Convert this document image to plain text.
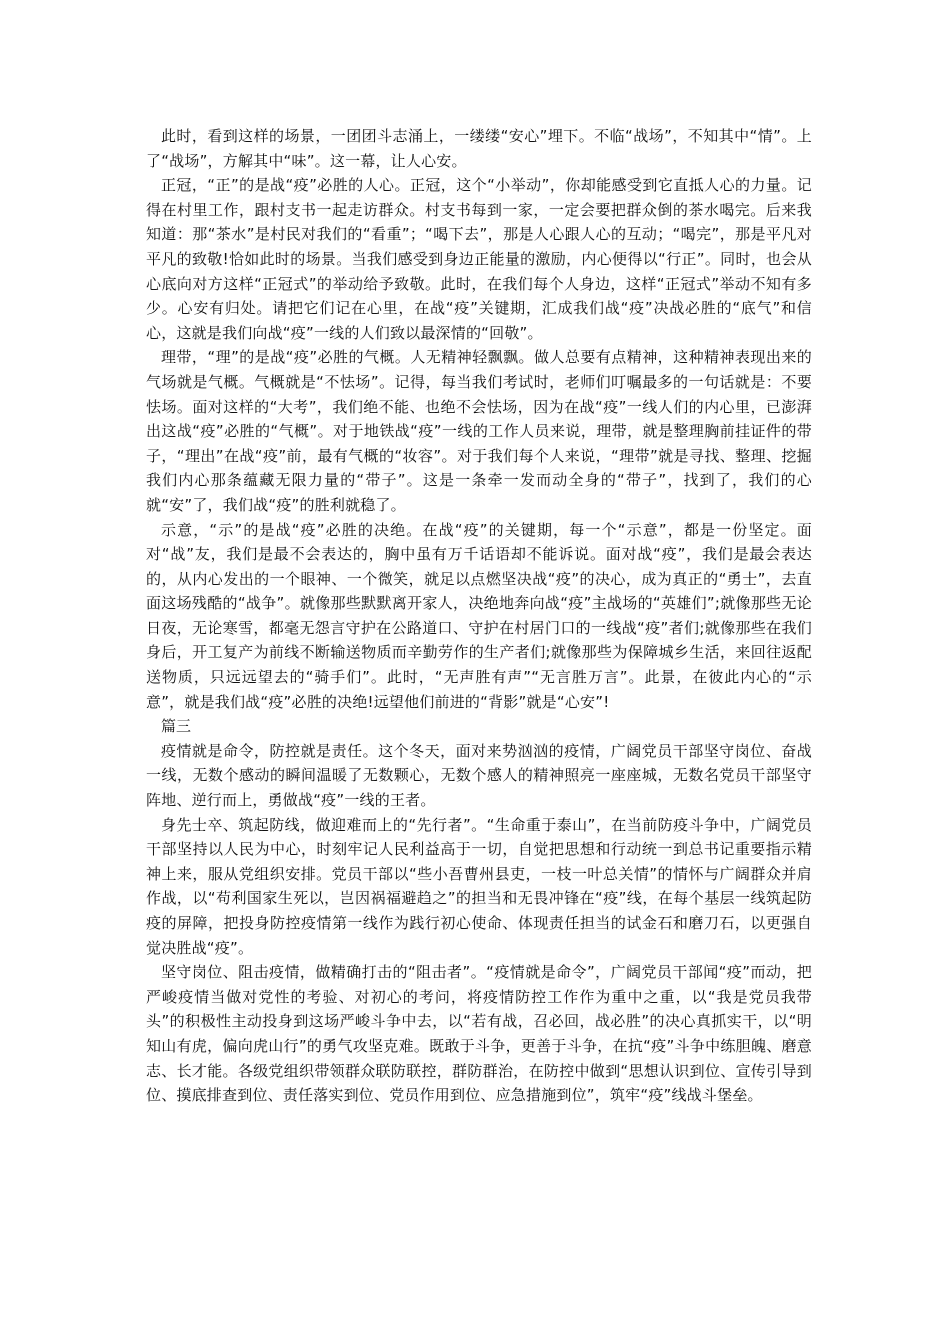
此时，看到这样的场景，一团团斗志涌上，一缕缕“安心”埋下。不临“战场”，不知其中“情”。上了“战场”，方解其中“味”。这一幕，让人心安。

正冠，“正”的是战“疫”必胜的人心。正冠，这个“小举动”，你却能感受到它直抵人心的力量。记得在村里工作，跟村支书一起走访群众。村支书每到一家，一定会要把群众倒的茶水喝完。后来我知道：那“茶水”是村民对我们的“看重”；“喝下去”，那是人心跟人心的互动；“喝完”，那是平凡对平凡的致敬!恰如此时的场景。当我们感受到身边正能量的激励，内心便得以“行正”。同时，也会从心底向对方这样“正冠式”的举动给予致敬。此时，在我们每个人身边，这样“正冠式”举动不知有多少。心安有归处。请把它们记在心里，在战“疫”关键期，汇成我们战“疫”决战必胜的“底气”和信心，这就是我们向战“疫”一线的人们致以最深情的“回敬”。

理带，“理”的是战“疫”必胜的气概。人无精神轻飘飘。做人总要有点精神，这种精神表现出来的气场就是气概。气概就是“不怯场”。记得，每当我们考试时，老师们叮嘱最多的一句话就是：不要怯场。面对这样的“大考”，我们绝不能、也绝不会怯场，因为在战“疫”一线人们的内心里，已澎湃出这战“疫”必胜的“气概”。对于地铁战“疫”一线的工作人员来说，理带，就是整理胸前挂证件的带子，“理出”在战“疫”前，最有气概的“妆容”。对于我们每个人来说，“理带”就是寻找、整理、挖掘我们内心那条蕴藏无限力量的“带子”。这是一条牵一发而动全身的“带子”，找到了，我们的心就“安”了，我们战“疫”的胜利就稳了。

示意，“示”的是战“疫”必胜的决绝。在战“疫”的关键期，每一个“示意”，都是一份坚定。面对“战”友，我们是最不会表达的，胸中虽有万千话语却不能诉说。面对战“疫”，我们是最会表达的，从内心发出的一个眼神、一个微笑，就足以点燃坚决战“疫”的决心，成为真正的“勇士”，去直面这场残酷的“战争”。就像那些默默离开家人，决绝地奔向战“疫”主战场的“英雄们”;就像那些无论日夜，无论寒雪，都毫无怨言守护在公路道口、守护在村居门口的一线战“疫”者们;就像那些在我们身后，开工复产为前线不断输送物质而辛勤劳作的生产者们;就像那些为保障城乡生活，来回往返配送物质，只远远望去的“骑手们”。此时，“无声胜有声”“无言胜万言”。此景，在彼此内心的“示意”，就是我们战“疫”必胜的决绝!远望他们前进的“背影”就是“心安”!

篇三

疫情就是命令，防控就是责任。这个冬天，面对来势汹汹的疫情，广阔党员干部坚守岗位、奋战一线，无数个感动的瞬间温暖了无数颗心，无数个感人的精神照亮一座座城，无数名党员干部坚守阵地、逆行而上，勇做战“疫”一线的王者。

身先士卒、筑起防线，做迎难而上的“先行者”。“生命重于泰山”，在当前防疫斗争中，广阔党员干部坚持以人民为中心，时刻牢记人民利益高于一切，自觉把思想和行动统一到总书记重要指示精神上来，服从党组织安排。党员干部以“些小吾曹州县吏，一枝一叶总关情”的情怀与广阔群众并肩作战，以“苟利国家生死以，岂因祸福避趋之”的担当和无畏冲锋在“疫”线，在每个基层一线筑起防疫的屏障，把投身防控疫情第一线作为践行初心使命、体现责任担当的试金石和磨刀石，以更强自觉决胜战“疫”。

坚守岗位、阻击疫情，做精确打击的“阻击者”。“疫情就是命令”，广阔党员干部闻“疫”而动，把严峻疫情当做对党性的考验、对初心的考问，将疫情防控工作作为重中之重，以“我是党员我带头”的积极性主动投身到这场严峻斗争中去，以“若有战，召必回，战必胜”的决心真抓实干，以“明知山有虎，偏向虎山行”的勇气攻坚克难。既敢于斗争，更善于斗争，在抗“疫”斗争中练胆魄、磨意志、长才能。各级党组织带领群众联防联控，群防群治，在防控中做到“思想认识到位、宣传引导到位、摸底排查到位、责任落实到位、党员作用到位、应急措施到位”，筑牢“疫”线战斗堡垒。
